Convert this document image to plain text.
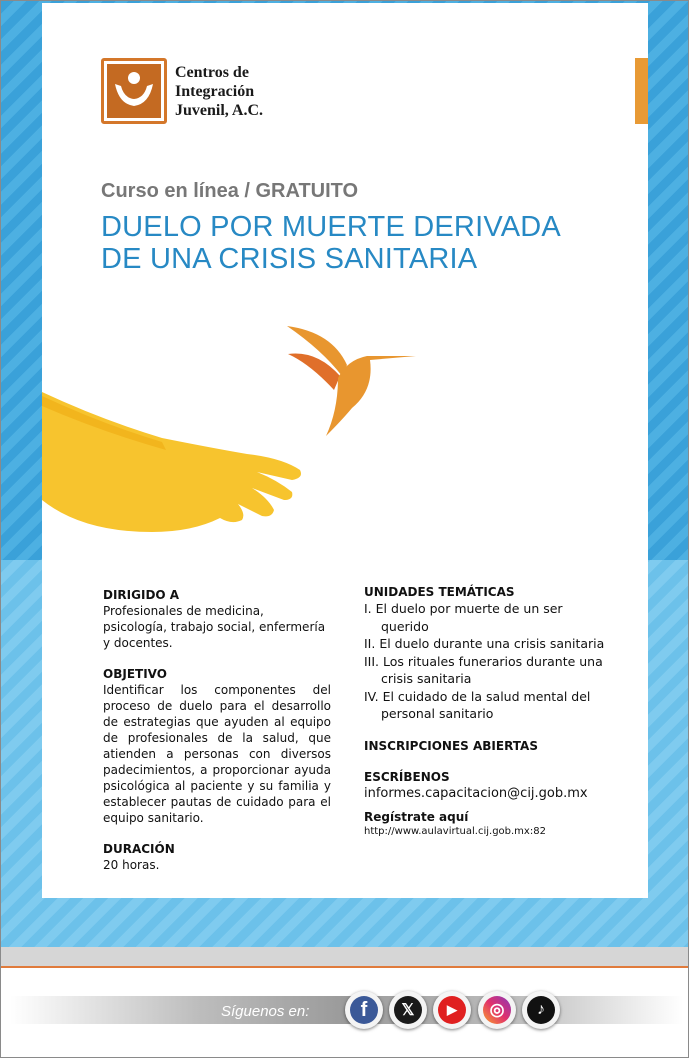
Centros de
Integración
Juvenil, A.C.
Curso en línea / GRATUITO
DUELO POR MUERTE DERIVADA
DE UNA CRISIS SANITARIA
DIRIGIDO A
Profesionales de medicina, psicología, trabajo social, enfermería y docentes.
OBJETIVO
Identificar los componentes del proceso de duelo para el desarrollo de estrategias que ayuden al equipo de profesionales de la salud, que atienden a personas con diversos padecimientos, a proporcionar ayuda psicológica al paciente y su familia y establecer pautas de cuidado para el equipo sanitario.
DURACIÓN
20 horas.
UNIDADES TEMÁTICAS
I. El duelo por muerte de un ser querido
II. El duelo durante una crisis sanitaria
III. Los rituales funerarios durante una crisis sanitaria
IV. El cuidado de la salud mental del personal sanitario
INSCRIPCIONES ABIERTAS
ESCRÍBENOS
informes.capacitacion@cij.gob.mx
Regístrate aquí
http://www.aulavirtual.cij.gob.mx:82
Síguenos en:	f	𝕏	▶	◎	♪
